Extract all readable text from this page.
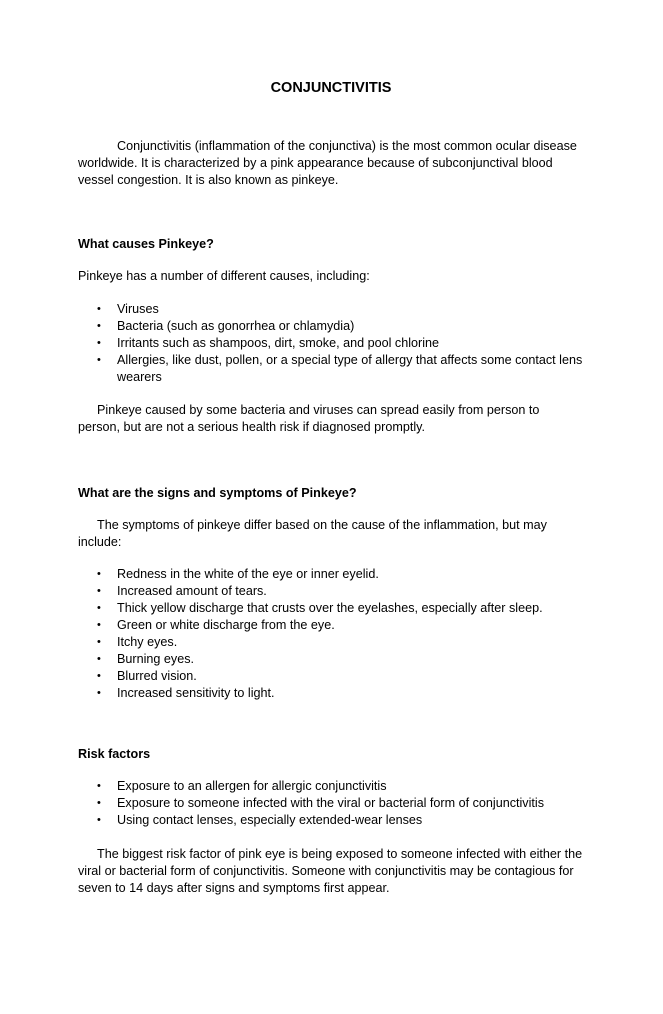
CONJUNCTIVITIS

Conjunctivitis (inflammation of the conjunctiva) is the most common ocular disease worldwide. It is characterized by a pink appearance because of subconjunctival blood vessel congestion. It is also known as pinkeye.

What causes Pinkeye?

Pinkeye has a number of different causes, including:

•	Viruses
•	Bacteria (such as gonorrhea or chlamydia)
•	Irritants such as shampoos, dirt, smoke, and pool chlorine
•	Allergies, like dust, pollen, or a special type of allergy that affects some contact lens wearers

Pinkeye caused by some bacteria and viruses can spread easily from person to person, but are not a serious health risk if diagnosed promptly.

What are the signs and symptoms of Pinkeye?

The symptoms of pinkeye differ based on the cause of the inflammation, but may include:

•	Redness in the white of the eye or inner eyelid.
•	Increased amount of tears.
•	Thick yellow discharge that crusts over the eyelashes, especially after sleep.
•	Green or white discharge from the eye.
•	Itchy eyes.
•	Burning eyes.
•	Blurred vision.
•	Increased sensitivity to light.

Risk factors

•	Exposure to an allergen for allergic conjunctivitis
•	Exposure to someone infected with the viral or bacterial form of conjunctivitis
•	Using contact lenses, especially extended-wear lenses

The biggest risk factor of pink eye is being exposed to someone infected with either the viral or bacterial form of conjunctivitis. Someone with conjunctivitis may be contagious for seven to 14 days after signs and symptoms first appear.
